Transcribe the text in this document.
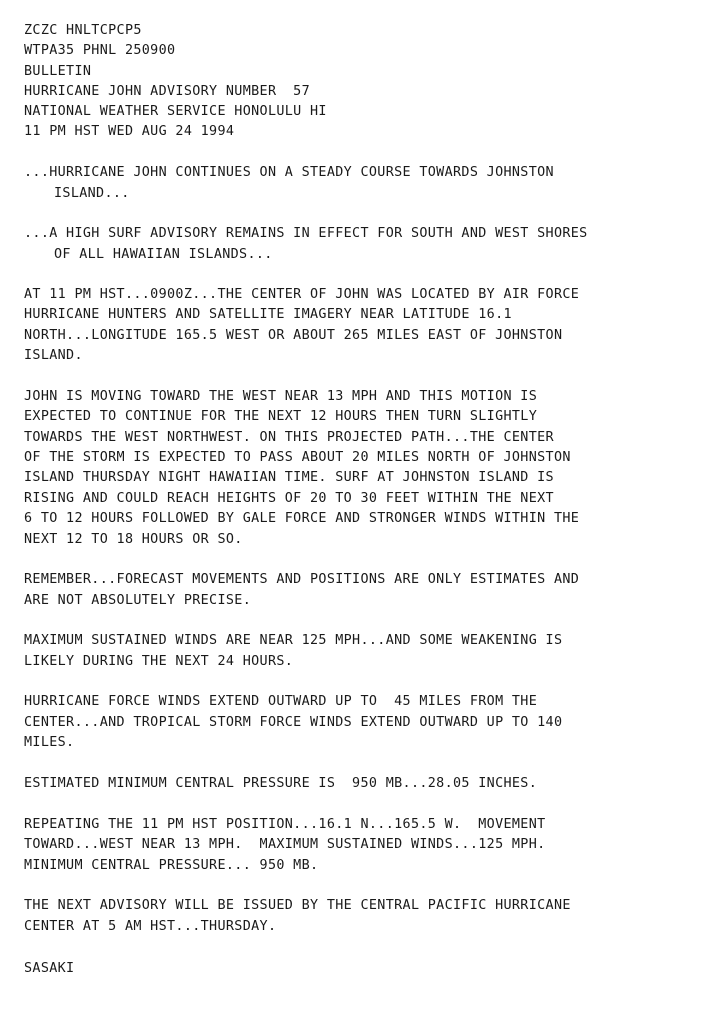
ZCZC HNLTCPCP5
WTPA35 PHNL 250900
BULLETIN
HURRICANE JOHN ADVISORY NUMBER  57
NATIONAL WEATHER SERVICE HONOLULU HI
11 PM HST WED AUG 24 1994
...HURRICANE JOHN CONTINUES ON A STEADY COURSE TOWARDS JOHNSTON
ISLAND...
...A HIGH SURF ADVISORY REMAINS IN EFFECT FOR SOUTH AND WEST SHORES
OF ALL HAWAIIAN ISLANDS...
AT 11 PM HST...0900Z...THE CENTER OF JOHN WAS LOCATED BY AIR FORCE
HURRICANE HUNTERS AND SATELLITE IMAGERY NEAR LATITUDE 16.1
NORTH...LONGITUDE 165.5 WEST OR ABOUT 265 MILES EAST OF JOHNSTON
ISLAND.
JOHN IS MOVING TOWARD THE WEST NEAR 13 MPH AND THIS MOTION IS
EXPECTED TO CONTINUE FOR THE NEXT 12 HOURS THEN TURN SLIGHTLY
TOWARDS THE WEST NORTHWEST. ON THIS PROJECTED PATH...THE CENTER
OF THE STORM IS EXPECTED TO PASS ABOUT 20 MILES NORTH OF JOHNSTON
ISLAND THURSDAY NIGHT HAWAIIAN TIME. SURF AT JOHNSTON ISLAND IS
RISING AND COULD REACH HEIGHTS OF 20 TO 30 FEET WITHIN THE NEXT
6 TO 12 HOURS FOLLOWED BY GALE FORCE AND STRONGER WINDS WITHIN THE
NEXT 12 TO 18 HOURS OR SO.
REMEMBER...FORECAST MOVEMENTS AND POSITIONS ARE ONLY ESTIMATES AND
ARE NOT ABSOLUTELY PRECISE.
MAXIMUM SUSTAINED WINDS ARE NEAR 125 MPH...AND SOME WEAKENING IS
LIKELY DURING THE NEXT 24 HOURS.
HURRICANE FORCE WINDS EXTEND OUTWARD UP TO  45 MILES FROM THE
CENTER...AND TROPICAL STORM FORCE WINDS EXTEND OUTWARD UP TO 140
MILES.
ESTIMATED MINIMUM CENTRAL PRESSURE IS  950 MB...28.05 INCHES.
REPEATING THE 11 PM HST POSITION...16.1 N...165.5 W.  MOVEMENT
TOWARD...WEST NEAR 13 MPH.  MAXIMUM SUSTAINED WINDS...125 MPH.
MINIMUM CENTRAL PRESSURE... 950 MB.
THE NEXT ADVISORY WILL BE ISSUED BY THE CENTRAL PACIFIC HURRICANE
CENTER AT 5 AM HST...THURSDAY.
SASAKI
